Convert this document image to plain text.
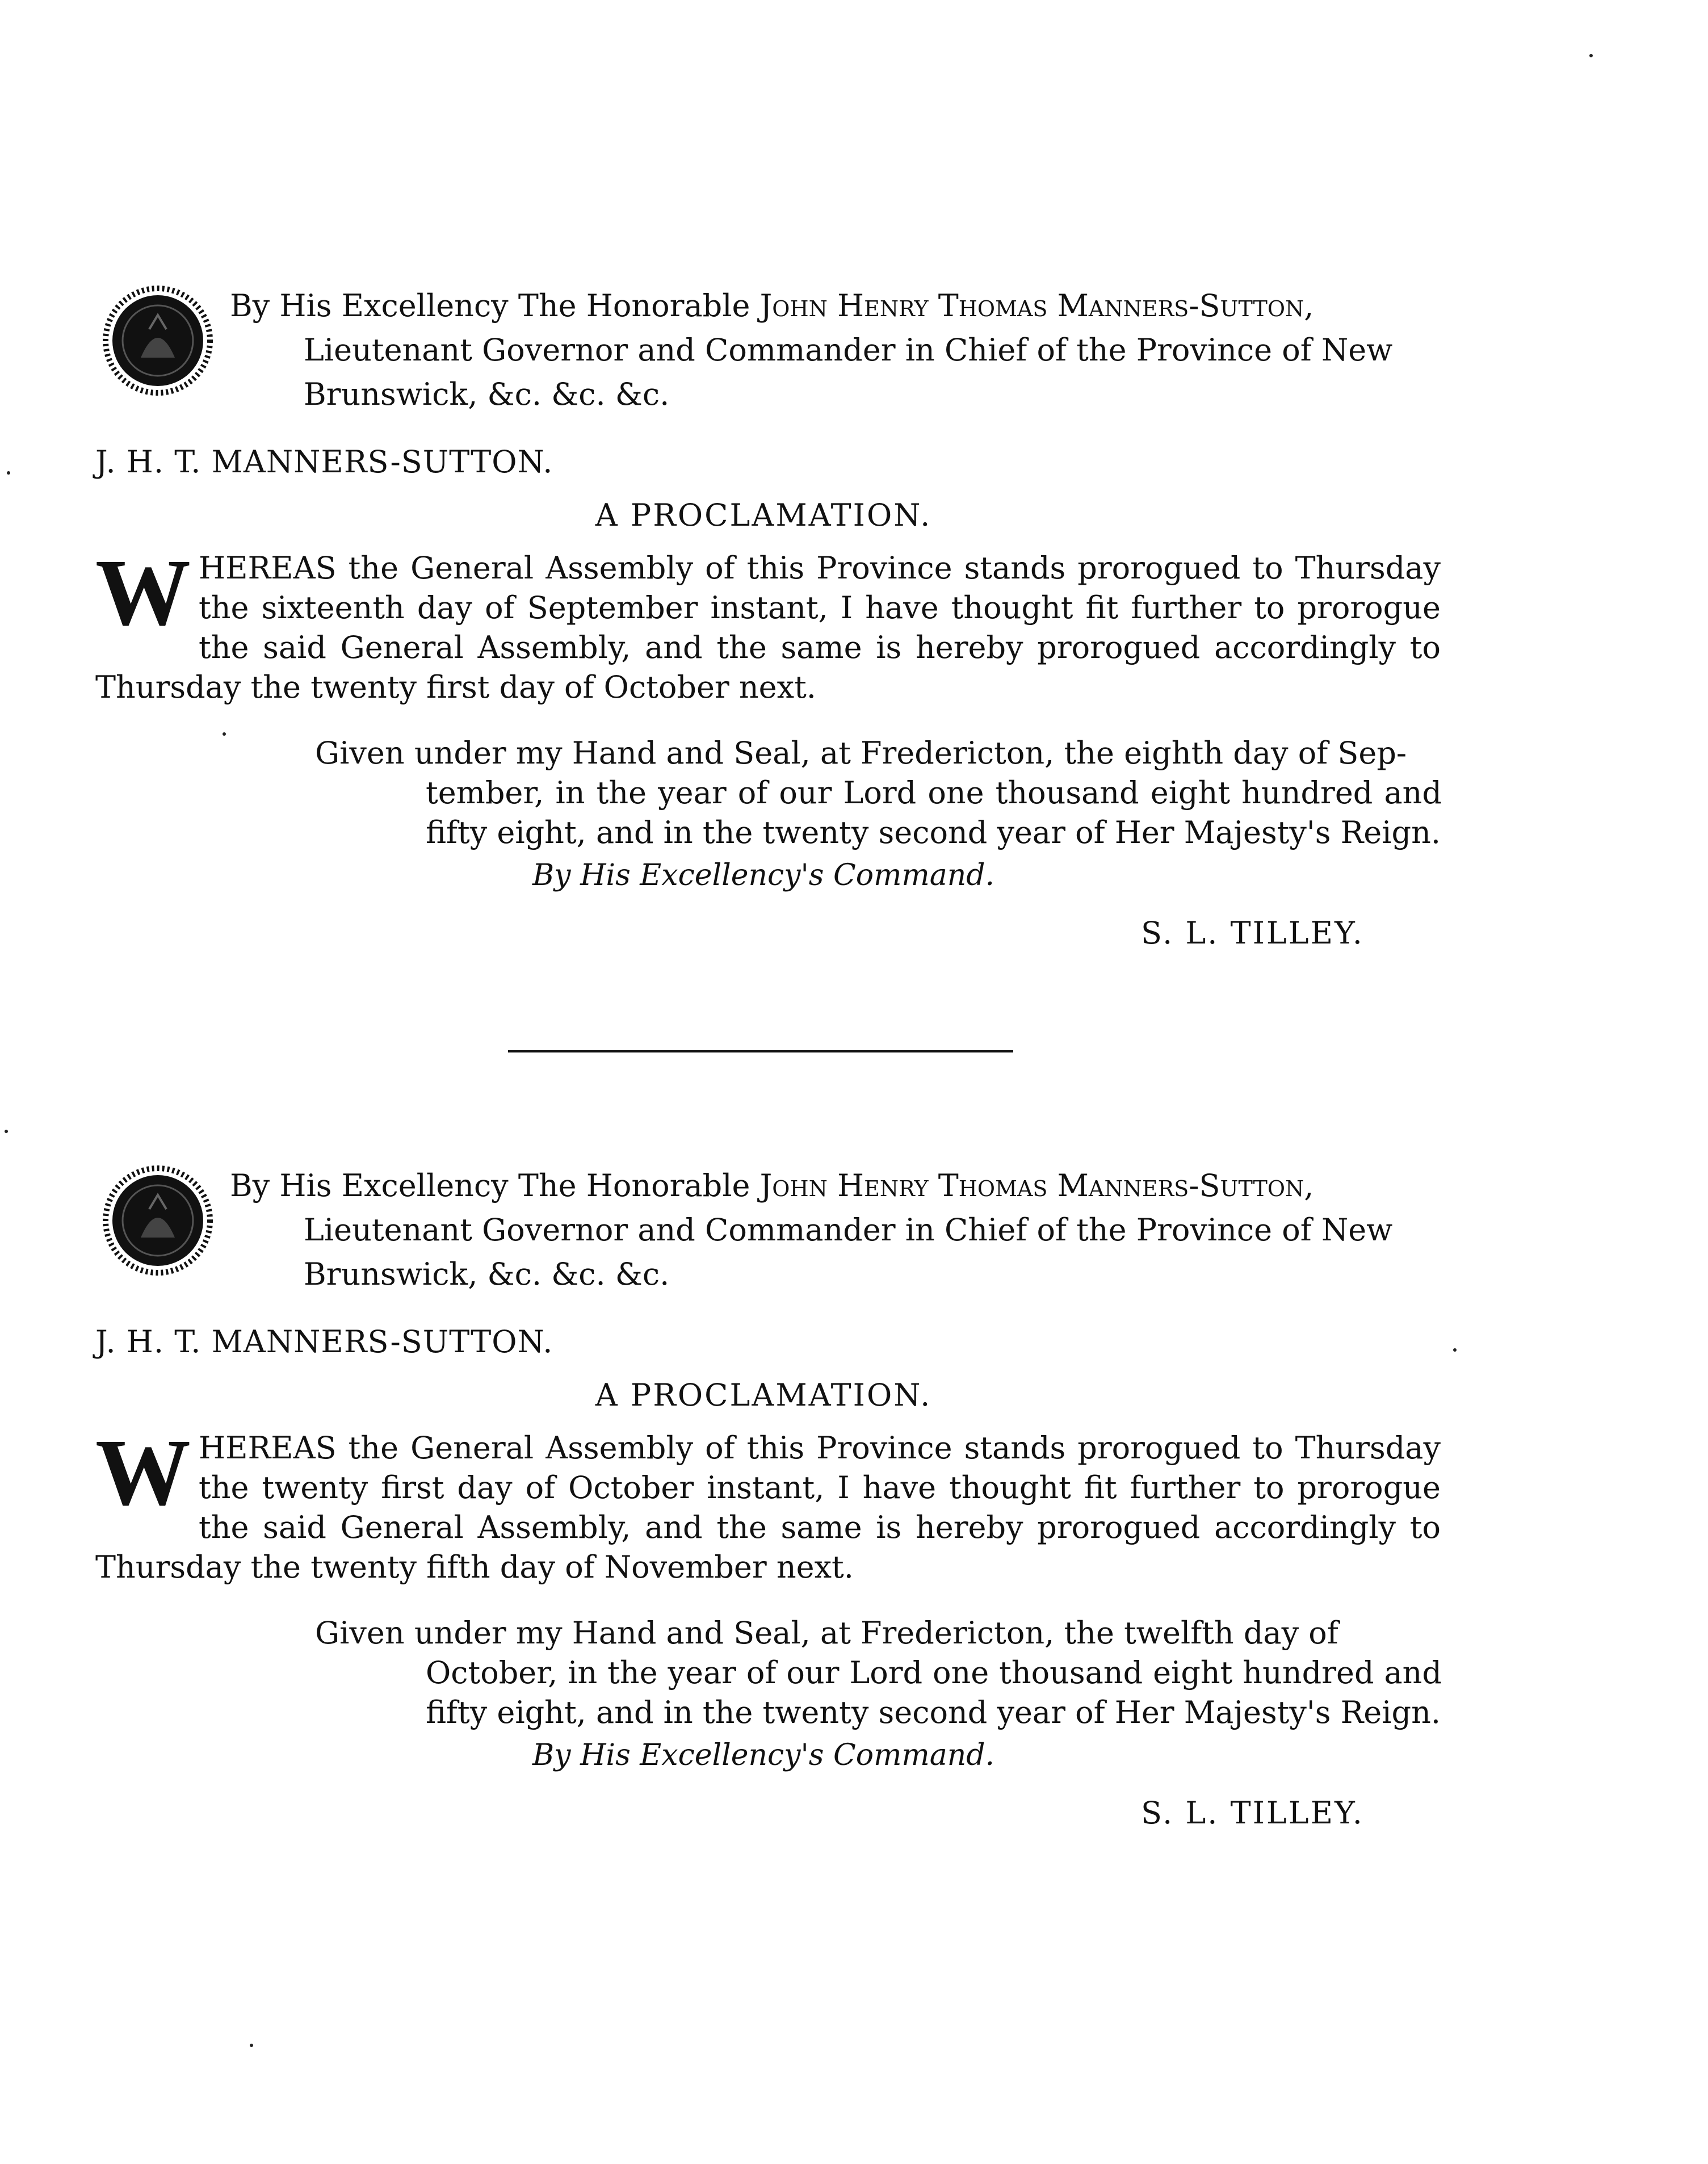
By His Excellency The Honorable John Henry Thomas Manners-Sutton,
Lieutenant Governor and Commander in Chief of the Province of New Brunswick, &c. &c. &c.
J. H. T. MANNERS-SUTTON.
A PROCLAMATION.
WHEREAS the General Assembly of this Province stands prorogued to Thursday the sixteenth day of September instant, I have thought fit further to prorogue the said General Assembly, and the same is hereby prorogued accordingly to Thursday the twenty first day of October next.
Given under my Hand and Seal, at Fredericton, the eighth day of Sep-
tember, in the year of our Lord one thousand eight hundred and fifty eight, and in the twenty second year of Her Majesty's Reign.
By His Excellency's Command.
S. L. TILLEY.
By His Excellency The Honorable John Henry Thomas Manners-Sutton,
Lieutenant Governor and Commander in Chief of the Province of New Brunswick, &c. &c. &c.
J. H. T. MANNERS-SUTTON.
A PROCLAMATION.
WHEREAS the General Assembly of this Province stands prorogued to Thursday the twenty first day of October instant, I have thought fit further to prorogue the said General Assembly, and the same is hereby prorogued accordingly to Thursday the twenty fifth day of November next.
Given under my Hand and Seal, at Fredericton, the twelfth day of
October, in the year of our Lord one thousand eight hundred and fifty eight, and in the twenty second year of Her Majesty's Reign.
By His Excellency's Command.
S. L. TILLEY.
